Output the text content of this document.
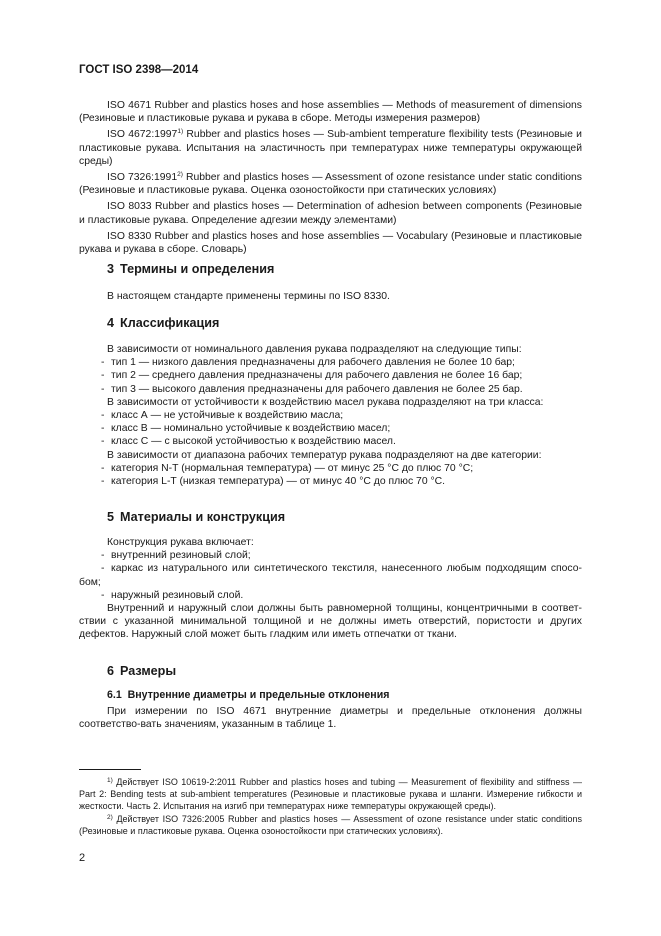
ГОСТ ISO 2398—2014

ISO 4671 Rubber and plastics hoses and hose assemblies — Methods of measurement of dimensions (Резиновые и пластиковые рукава и рукава в сборе. Методы измерения размеров)

ISO 4672:1997$^{1)}$ Rubber and plastics hoses — Sub-ambient temperature flexibility tests (Резиновые и пластиковые рукава. Испытания на эластичность при температурах ниже температуры окружающей среды)

ISO 7326:1991$^{2)}$ Rubber and plastics hoses — Assessment of ozone resistance under static conditions (Резиновые и пластиковые рукава. Оценка озоностойкости при статических условиях)

ISO 8033 Rubber and plastics hoses — Determination of adhesion between components (Резиновые и пластиковые рукава. Определение адгезии между элементами)

ISO 8330 Rubber and plastics hoses and hose assemblies — Vocabulary (Резиновые и пластиковые рукава и рукава в сборе. Словарь)

3 Термины и определения

В настоящем стандарте применены термины по ISO 8330.

4 Классификация

В зависимости от номинального давления рукава подразделяют на следующие типы:

- тип 1 — низкого давления предназначены для рабочего давления не более 10 бар;

- тип 2 — среднего давления предназначены для рабочего давления не более 16 бар;

- тип 3 — высокого давления предназначены для рабочего давления не более 25 бар.

В зависимости от устойчивости к воздействию масел рукава подразделяют на три класса:

- класс А — не устойчивые к воздействию масла;

- класс В — номинально устойчивые к воздействию масел;

- класс С — с высокой устойчивостью к воздействию масел.

В зависимости от диапазона рабочих температур рукава подразделяют на две категории:

- категория N-T (нормальная температура) — от минус 25 °С до плюс 70 °С;

- категория L-T (низкая температура) — от минус 40 °С до плюс 70 °С.

5 Материалы и конструкция

Конструкция рукава включает:

- внутренний резиновый слой;

- каркас из натурального или синтетического текстиля, нанесенного любым подходящим спосо-бом;

- наружный резиновый слой.

Внутренний и наружный слои должны быть равномерной толщины, концентричными в соответ-ствии с указанной минимальной толщиной и не должны иметь отверстий, пористости и других дефектов. Наружный слой может быть гладким или иметь отпечатки от ткани.

6 Размеры
6.1 Внутренние диаметры и предельные отклонения

При измерении по ISO 4671 внутренние диаметры и предельные отклонения должны соответство-вать значениям, указанным в таблице 1.

$^{1)}$ Действует ISO 10619-2:2011 Rubber and plastics hoses and tubing — Measurement of flexibility and stiffness — Part 2: Bending tests at sub-ambient temperatures (Резиновые и пластиковые рукава и шланги. Измерение гибкости и жесткости. Часть 2. Испытания на изгиб при температурах ниже температуры окружающей среды).

$^{2)}$ Действует ISO 7326:2005 Rubber and plastics hoses — Assessment of ozone resistance under static conditions (Резиновые и пластиковые рукава. Оценка озоностойкости при статических условиях).

2
